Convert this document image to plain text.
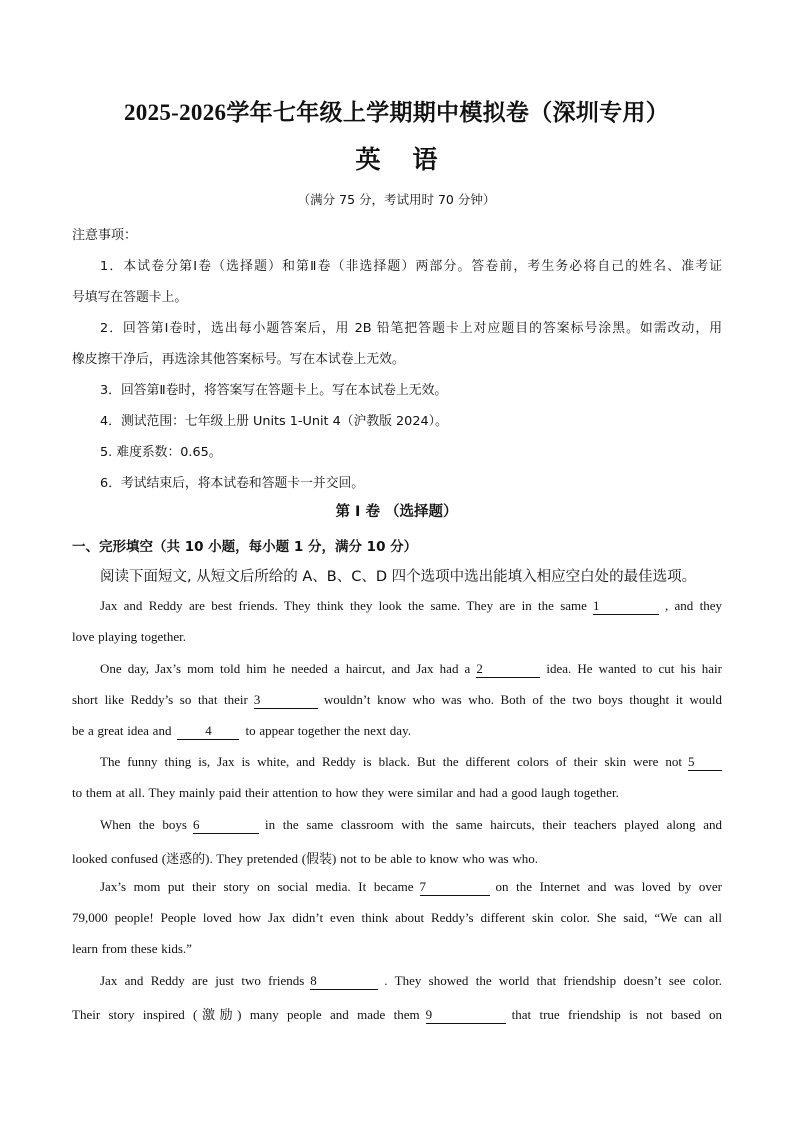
2025-2026学年七年级上学期期中模拟卷（深圳专用）
英 语
（满分 75 分，考试用时 70 分钟）
注意事项：
1．本试卷分第Ⅰ卷（选择题）和第Ⅱ卷（非选择题）两部分。答卷前，考生务必将自己的姓名、准考证
号填写在答题卡上。
2．回答第Ⅰ卷时，选出每小题答案后，用 2B 铅笔把答题卡上对应题目的答案标号涂黑。如需改动，用
橡皮擦干净后，再选涂其他答案标号。写在本试卷上无效。
3．回答第Ⅱ卷时，将答案写在答题卡上。写在本试卷上无效。
4．测试范围：七年级上册 Units 1-Unit 4（沪教版 2024）。
5. 难度系数：0.65。
6．考试结束后，将本试卷和答题卡一并交回。
第 I 卷 （选择题）
一、完形填空（共 10 小题，每小题 1 分，满分 10 分）
阅读下面短文, 从短文后所给的 A、B、C、D 四个选项中选出能填入相应空白处的最佳选项。
Jax and Reddy are best friends. They think they look the same. They are in the same 1	, and they
love playing together.
One day, Jax’s mom told him he needed a haircut, and Jax had a 2	idea. He wanted to cut his hair
short like Reddy’s so that their 3	wouldn’t know who was who. Both of the two boys thought it would
be a great idea and	4	to appear together the next day.
The funny thing is, Jax is white, and Reddy is black. But the different colors of their skin were not 5
to them at all. They mainly paid their attention to how they were similar and had a good laugh together.
When the boys 6	in the same classroom with the same haircuts, their teachers played along and
looked confused (迷惑的). They pretended (假装) not to be able to know who was who.
Jax’s mom put their story on social media. It became 7	on the Internet and was loved by over
79,000 people! People loved how Jax didn’t even think about Reddy’s different skin color. She said, “We can all
learn from these kids.”
Jax and Reddy are just two friends 8	. They showed the world that friendship doesn’t see color.
Their story inspired (激励) many people and made them 9	that true friendship is not based on
